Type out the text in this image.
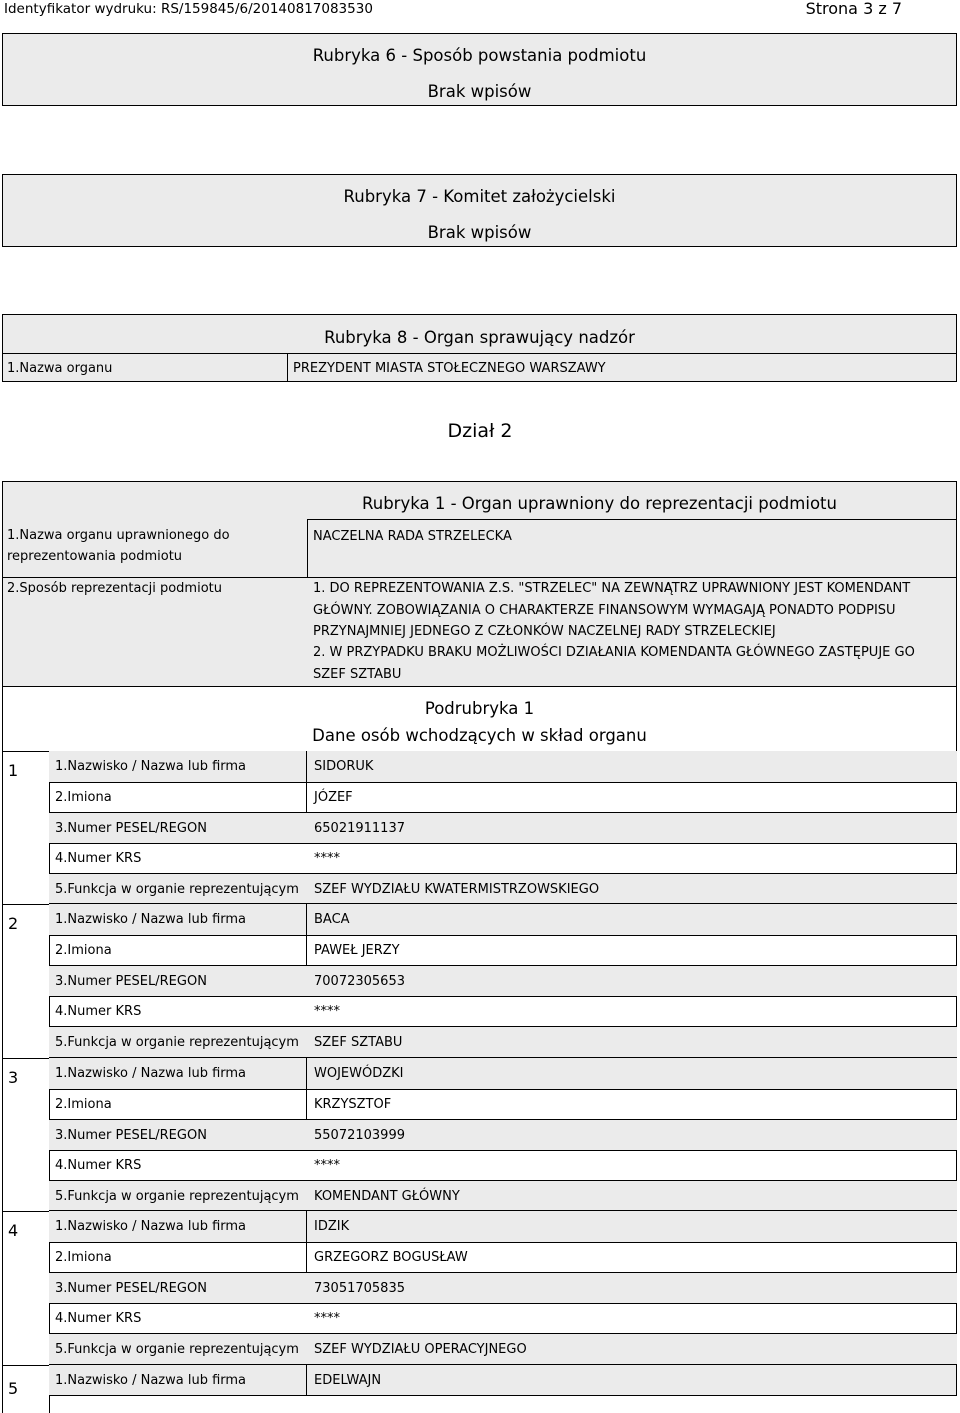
Identyfikator wydruku: RS/159845/6/20140817083530	Strona 3 z 7
Rubryka 6 - Sposób powstania podmiotu
Brak wpisów
Rubryka 7 - Komitet założycielski
Brak wpisów
Rubryka 8 - Organ sprawujący nadzór
1.Nazwa organu	PREZYDENT MIASTA STOŁECZNEGO WARSZAWY
Dział 2
Rubryka 1 - Organ uprawniony do reprezentacji podmiotu
1.Nazwa organu uprawnionego do
reprezentowania podmiotu
NACZELNA RADA STRZELECKA
2.Sposób reprezentacji podmiotu	1. DO REPREZENTOWANIA Z.S. "STRZELEC" NA ZEWNĄTRZ UPRAWNIONY JEST KOMENDANT
GŁÓWNY. ZOBOWIĄZANIA O CHARAKTERZE FINANSOWYM WYMAGAJĄ PONADTO PODPISU
PRZYNAJMNIEJ JEDNEGO Z CZŁONKÓW NACZELNEJ RADY STRZELECKIEJ
2. W PRZYPADKU BRAKU MOŻLIWOŚCI DZIAŁANIA KOMENDANTA GŁÓWNEGO ZASTĘPUJE GO
SZEF SZTABU
Podrubryka 1
Dane osób wchodzących w skład organu
1	1.Nazwisko / Nazwa lub firma	SIDORUK
2.Imiona	JÓZEF
3.Numer PESEL/REGON	65021911137
4.Numer KRS	****
5.Funkcja w organie reprezentującym SZEF WYDZIAŁU KWATERMISTRZOWSKIEGO
2	1.Nazwisko / Nazwa lub firma	BACA
2.Imiona	PAWEŁ JERZY
3.Numer PESEL/REGON	70072305653
4.Numer KRS	****
5.Funkcja w organie reprezentującym SZEF SZTABU
3	1.Nazwisko / Nazwa lub firma	WOJEWÓDZKI
2.Imiona	KRZYSZTOF
3.Numer PESEL/REGON	55072103999
4.Numer KRS	****
5.Funkcja w organie reprezentującym KOMENDANT GŁÓWNY
4	1.Nazwisko / Nazwa lub firma	IDZIK
2.Imiona	GRZEGORZ BOGUSŁAW
3.Numer PESEL/REGON	73051705835
4.Numer KRS	****
5.Funkcja w organie reprezentującym SZEF WYDZIAŁU OPERACYJNEGO
5	1.Nazwisko / Nazwa lub firma	EDELWAJN
